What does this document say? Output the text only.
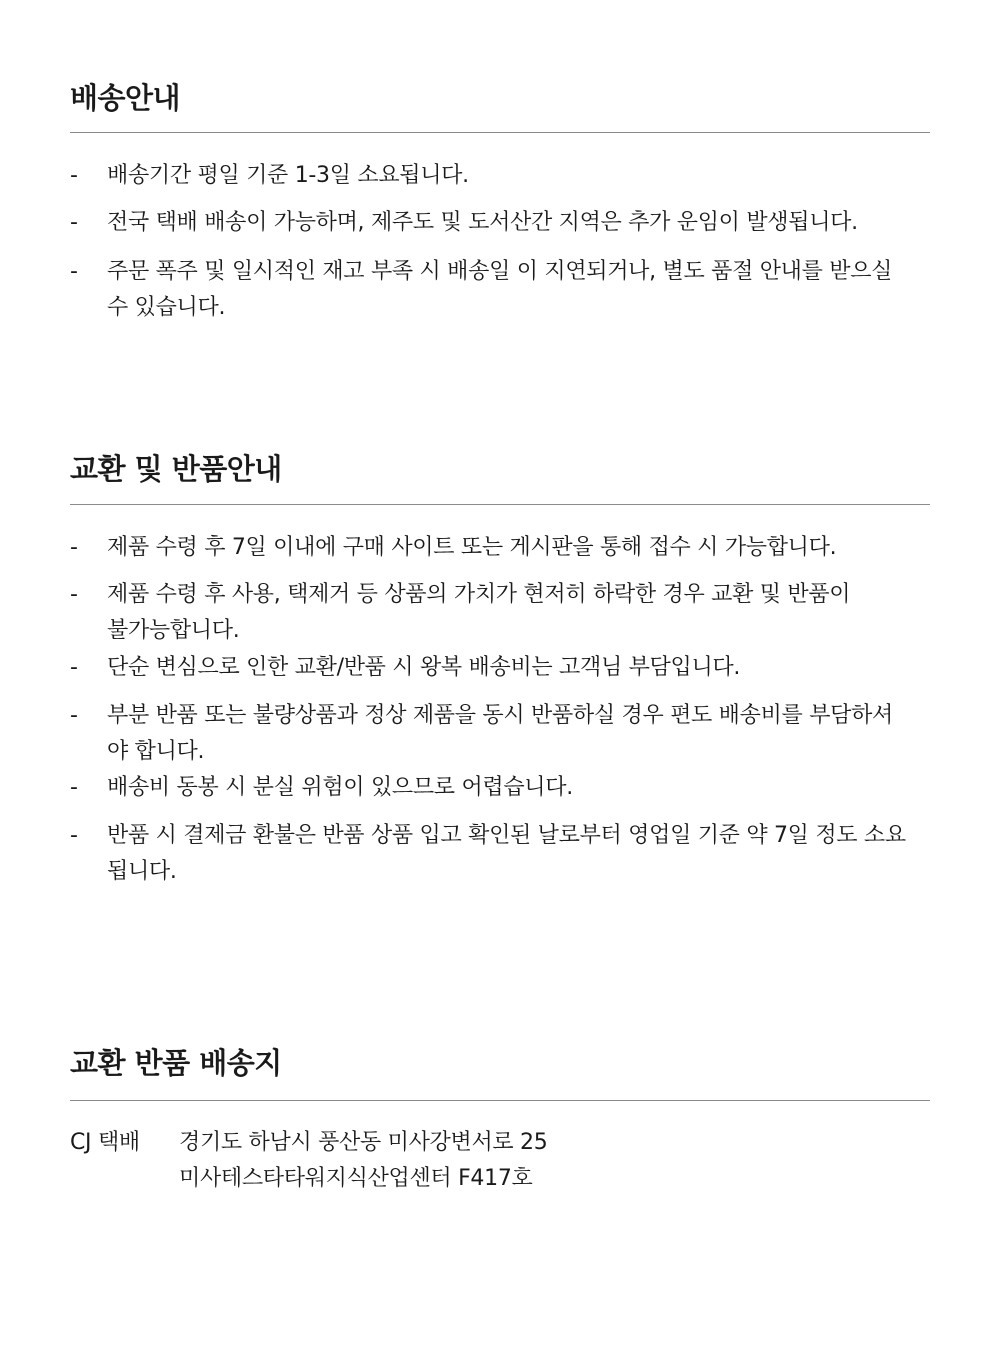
배송안내
-	배송기간 평일 기준 1-3일 소요됩니다.
-	전국 택배 배송이 가능하며, 제주도 및 도서산간 지역은 추가 운임이 발생됩니다.
-	주문 폭주 및 일시적인 재고 부족 시 배송일 이 지연되거나, 별도 품절 안내를 받으실
수 있습니다.
교환 및 반품안내
-	제품 수령 후 7일 이내에 구매 사이트 또는 게시판을 통해 접수 시 가능합니다.
-	제품 수령 후 사용, 택제거 등 상품의 가치가 현저히 하락한 경우 교환 및 반품이
불가능합니다.
-	단순 변심으로 인한 교환/반품 시 왕복 배송비는 고객님 부담입니다.
-	부분 반품 또는 불량상품과 정상 제품을 동시 반품하실 경우 편도 배송비를 부담하셔
야 합니다.
-	배송비 동봉 시 분실 위험이 있으므로 어렵습니다.
-	반품 시 결제금 환불은 반품 상품 입고 확인된 날로부터 영업일 기준 약 7일 정도 소요
됩니다.
교환 반품 배송지
CJ 택배 경기도 하남시 풍산동 미사강변서로 25
미사테스타타워지식산업센터 F417호
